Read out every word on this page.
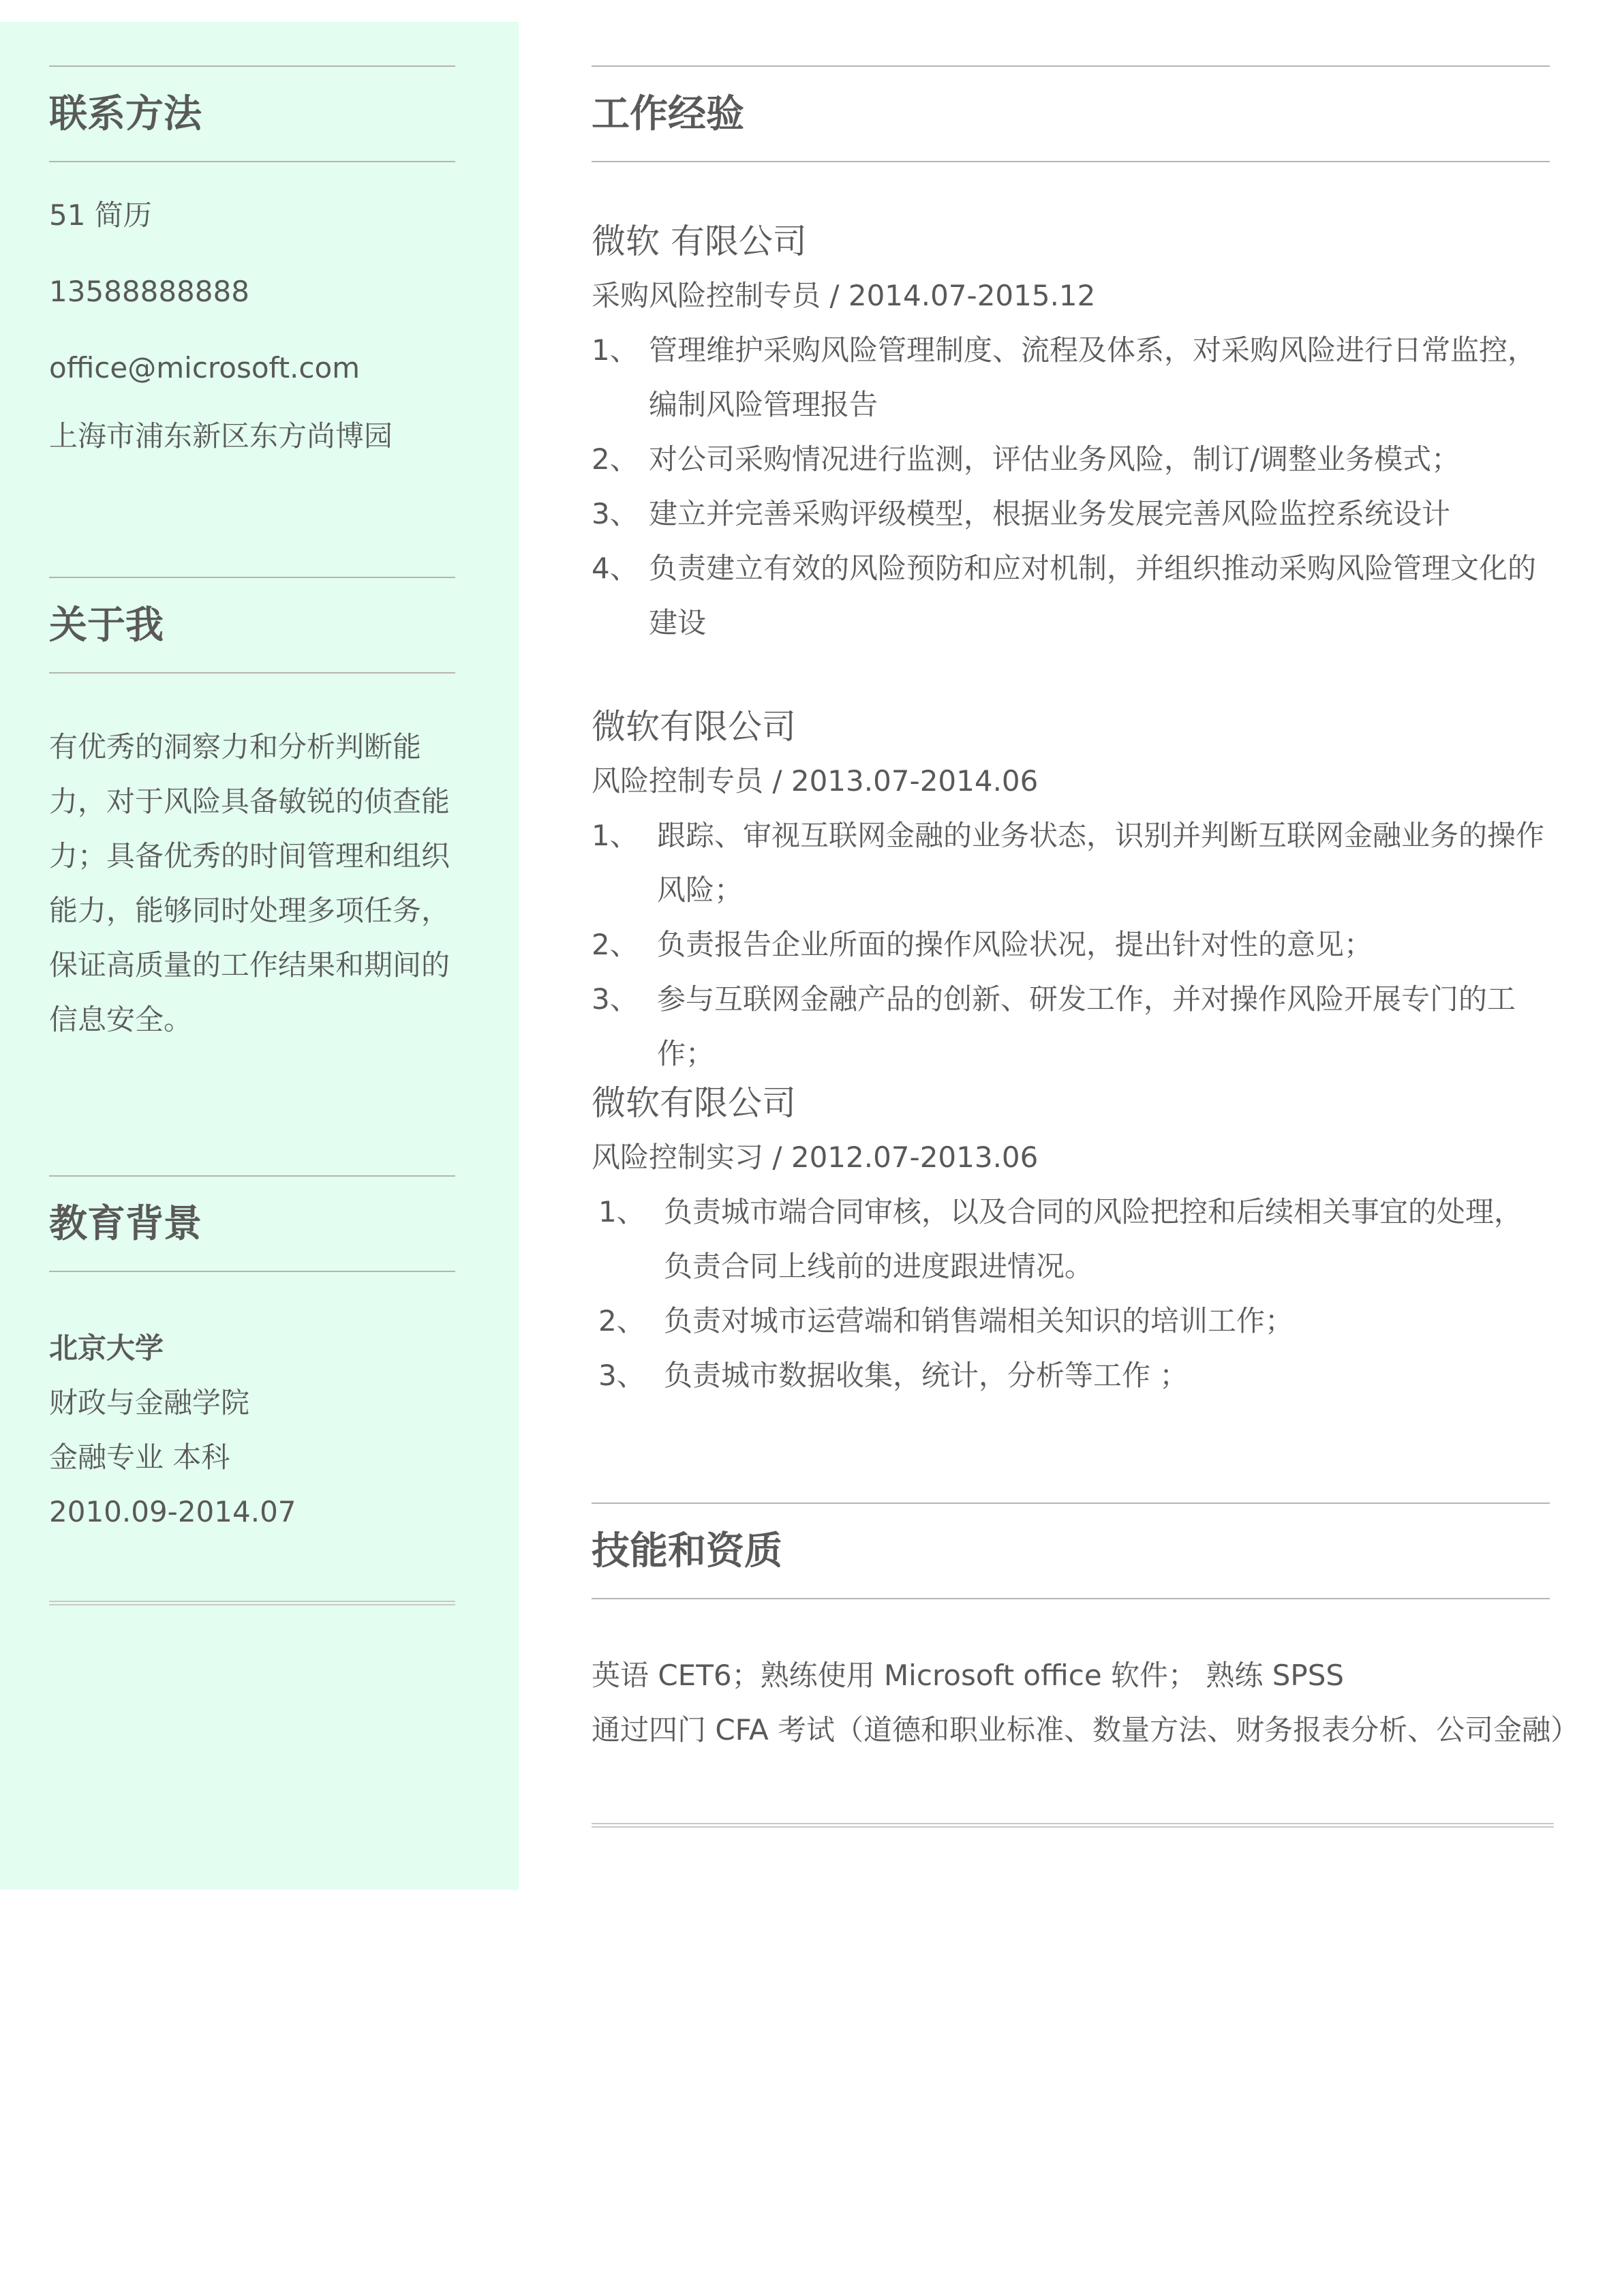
联系方法
51 简历
13588888888
office@microsoft.com
上海市浦东新区东方尚博园
关于我
有优秀的洞察力和分析判断能力，对于风险具备敏锐的侦查能力；具备优秀的时间管理和组织能力，能够同时处理多项任务，保证高质量的工作结果和期间的信息安全。
教育背景
北京大学
财政与金融学院
金融专业 本科
2010.09-2014.07
工作经验
微软 有限公司
采购风险控制专员 / 2014.07-2015.12
1、 管理维护采购风险管理制度、流程及体系，对采购风险进行日常监控，编制风险管理报告
2、 对公司采购情况进行监测，评估业务风险，制订/调整业务模式；
3、 建立并完善采购评级模型，根据业务发展完善风险监控系统设计
4、 负责建立有效的风险预防和应对机制，并组织推动采购风险管理文化的建设
微软有限公司
风险控制专员 / 2013.07-2014.06
1、 跟踪、审视互联网金融的业务状态，识别并判断互联网金融业务的操作风险；
2、 负责报告企业所面的操作风险状况，提出针对性的意见；
3、 参与互联网金融产品的创新、研发工作，并对操作风险开展专门的工作；
微软有限公司
风险控制实习 / 2012.07-2013.06
1、 负责城市端合同审核，以及合同的风险把控和后续相关事宜的处理，负责合同上线前的进度跟进情况。
2、 负责对城市运营端和销售端相关知识的培训工作；
3、 负责城市数据收集，统计，分析等工作 ；
技能和资质
英语 CET6；熟练使用 Microsoft office 软件； 熟练 SPSS
通过四门 CFA 考试（道德和职业标准、数量方法、财务报表分析、公司金融）
